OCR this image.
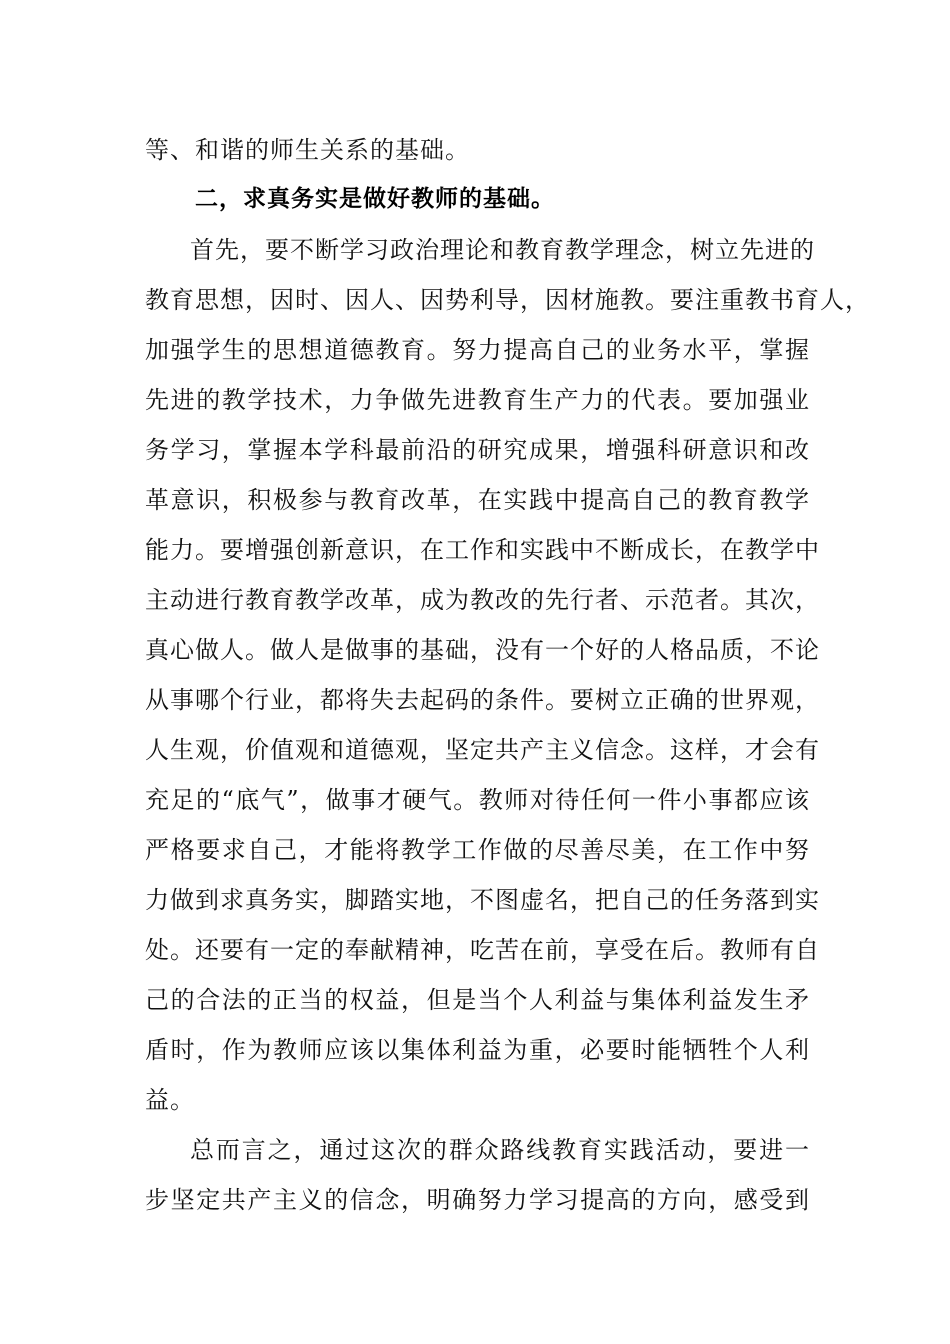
等、和谐的师生关系的基础。

二，求真务实是做好教师的基础。

首先，要不断学习政治理论和教育教学理念，树立先进的

教育思想，因时、因人、因势利导，因材施教。要注重教书育人，

加强学生的思想道德教育。努力提高自己的业务水平，掌握

先进的教学技术，力争做先进教育生产力的代表。要加强业

务学习，掌握本学科最前沿的研究成果，增强科研意识和改

革意识，积极参与教育改革，在实践中提高自己的教育教学

能力。要增强创新意识，在工作和实践中不断成长，在教学中

主动进行教育教学改革，成为教改的先行者、示范者。其次，

真心做人。做人是做事的基础，没有一个好的人格品质，不论

从事哪个行业，都将失去起码的条件。要树立正确的世界观，

人生观，价值观和道德观，坚定共产主义信念。这样，才会有

充足的“底气”，做事才硬气。教师对待任何一件小事都应该

严格要求自己，才能将教学工作做的尽善尽美，在工作中努

力做到求真务实，脚踏实地，不图虚名，把自己的任务落到实

处。还要有一定的奉献精神，吃苦在前，享受在后。教师有自

己的合法的正当的权益，但是当个人利益与集体利益发生矛

盾时，作为教师应该以集体利益为重，必要时能牺牲个人利

益。

总而言之，通过这次的群众路线教育实践活动，要进一

步坚定共产主义的信念，明确努力学习提高的方向，感受到
